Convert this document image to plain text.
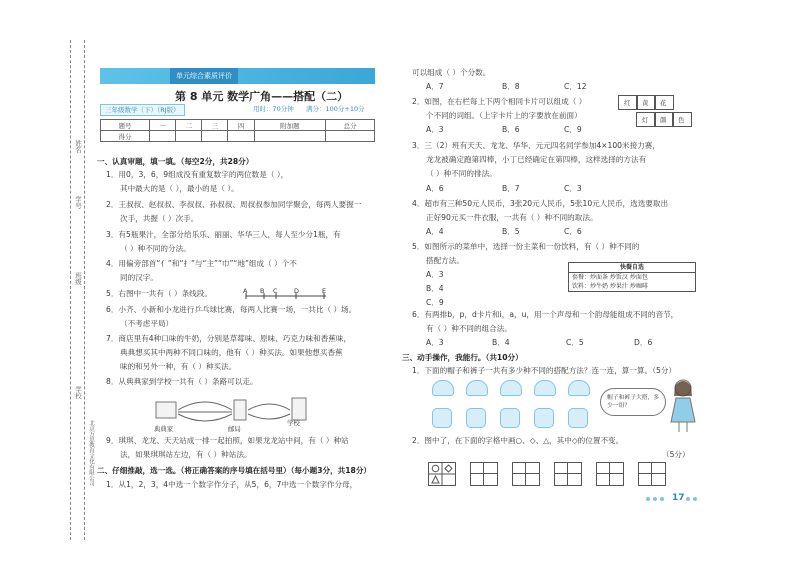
姓名
学号
班级
学校
北京万思教育文化有限公司
单元综合素质评价
第 8 单元 数学广角——搭配（二）
三年级数学（下）（RJ版）	用时：70分钟 满分：100分+10分
题号	一	二	三	四	附加题	总分
得分						
一、认真审题，填一填。（每空2分，共28分）
1．用0，3，6，9组成没有重复数字的两位数是（ ），
其中最大的是（ ），最小的是（ ）。
2．王叔叔、赵叔叔、李叔叔、孙叔叔、周叔叔参加同学聚会，每两人要握一
次手，共握（ ）次手。
3．有5瓶果汁，全部分给乐乐、丽丽、华华三人，每人至少分1瓶，有
（ ）种不同的分法。
4．用偏旁部首“亻”和“扌”与“主”“巾”“地”组成（ ）个不
同的汉字。
5．右图中一共有（ ）条线段。	A B C	D	E
6．小齐、小新和小龙进行乒乓球比赛，每两人比赛一场，一共比（ ）场。
（不考虑平局）
7．商店里有4种口味的牛奶，分别是草莓味、原味、巧克力味和香蕉味，
典典想买其中两种不同口味的，他有（ ）种买法。如果他想买香蕉
味的和另外一种，有（ ）种买法。
8．从典典家到学校一共有（ ）条路可以走。
典典家	邮局
学校
9．琪琪、龙龙、天天站成一排一起拍照，如果龙龙站中间，有（ ）种站
法，如果琪琪站左边，有（ ）种站法。
二、仔细推敲，选一选。（将正确答案的序号填在括号里）（每小题3分，共18分）
1．从1，2，3，4中选一个数字作分子，从5，6，7中选一个数字作分母，
可以组成（ ）个分数。
A．7	B．8	C．12
2．如图，在右栏每上下两个相同卡片可以组成（ ）
个不同的词组。（上字卡片上的字要放在前面）
红 黄 花
灯 颜 色
A．3	B．6	C．9
3．三（2）班有天天、龙龙、华华、元元四名同学参加4×100米接力赛，
龙龙被确定跑第四棒，小丁已经确定在第四棒，这样选择的方法有
（ ）种不同的排法。
A．6	B．7	C．3
4．超市有三种50元人民币，3张20元人民币，5张10元人民币，选选要取出
正好90元买一件衣服，一共有（ ）种不同的取法。
A．4	B．5	C．6
5．如图所示的菜单中，选择一份主菜和一份饮料，有（ ）种不同的
搭配方法。
A．3
B．4
C．9
快餐自选
套餐：炒面条 炒饭汉 炒面包
饮料：炒牛奶 炒果汁 炒咖啡
6．有两排b，p，d卡片和i，a，u，用一个声母和一个韵母能组成不同的音节，
有（ ）种不同的组合法。
A．3	B．4	C．5	D．6
三、动手操作，我能行。（共10分）
1．下面的帽子和裤子一共有多少种不同的搭配方法？连一连，算一算。（5分）
帽子和裤子大搭，多少一组？
2．图中了，在下面的字格中画○、◇、△，其中◇的位置不变。
（5分）
17
